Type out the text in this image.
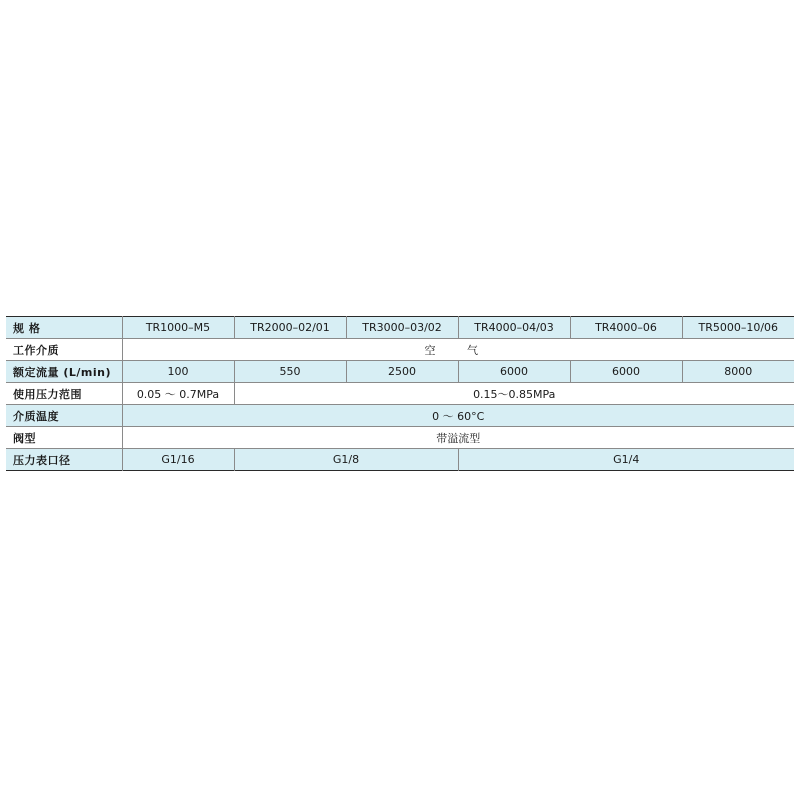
规 格	TR1000–M5	TR2000–02/01	TR3000–03/02	TR4000–04/03	TR4000–06	TR5000–10/06
工作介质	空 气					
额定流量 (L/min)	100	550	2500	6000	6000	8000
使用压力范围	0.05 ～ 0.7MPa	0.15～0.85MPa				
介质温度	0 ～ 60°C					
阀型	带溢流型					
压力表口径	G1/16	G1/8		G1/4		
